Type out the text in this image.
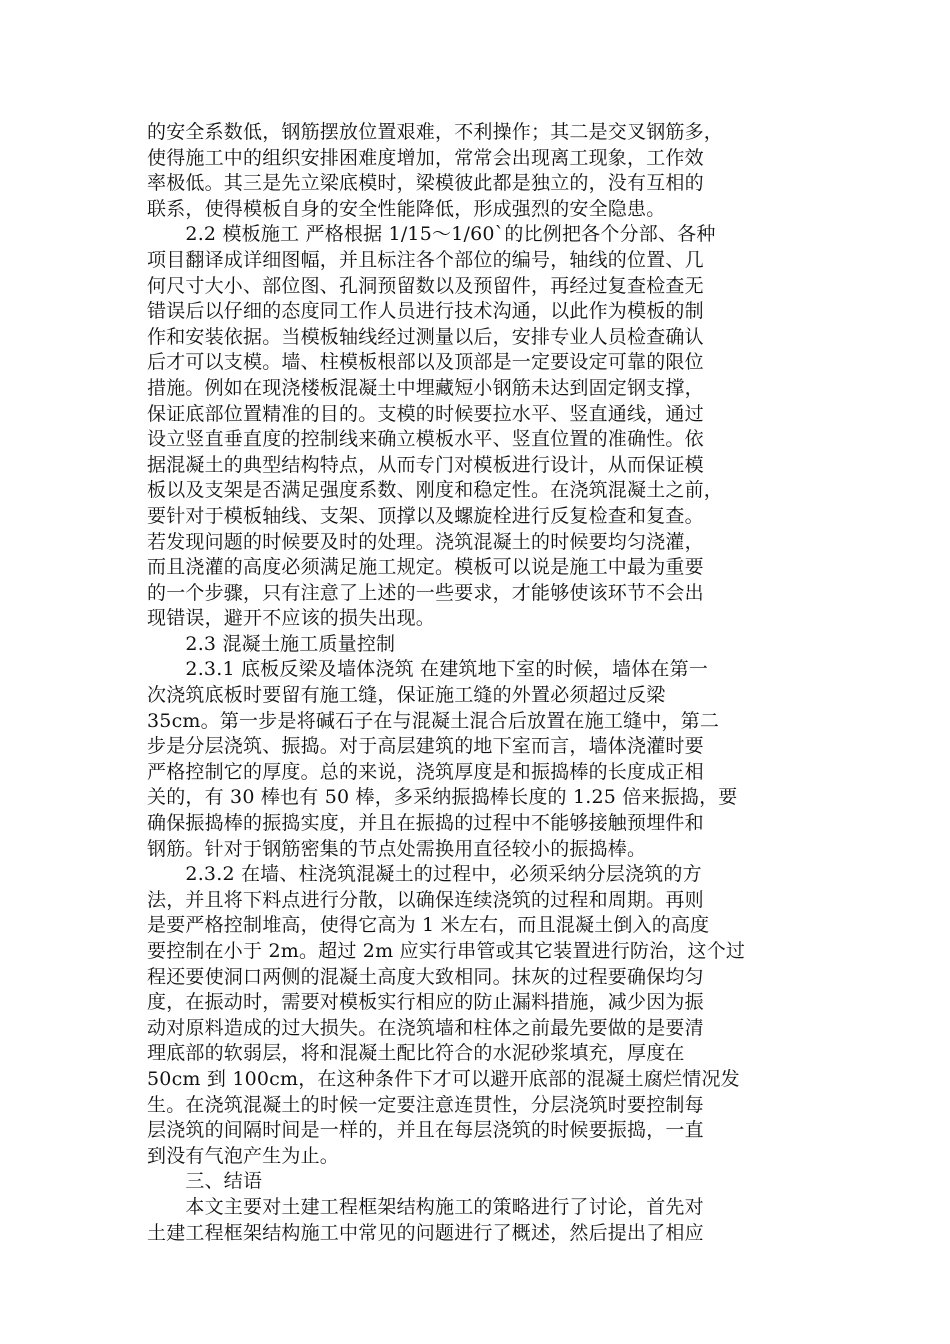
的安全系数低，钢筋摆放位置艰难，不利操作；其二是交叉钢筋多，
使得施工中的组织安排困难度增加，常常会出现离工现象，工作效
率极低。其三是先立梁底模时，梁模彼此都是独立的，没有互相的
联系，使得模板自身的安全性能降低，形成强烈的安全隐患。
　　2.2 模板施工 严格根据 1/15～1/60`的比例把各个分部、各种
项目翻译成详细图幅，并且标注各个部位的编号，轴线的位置、几
何尺寸大小、部位图、孔洞预留数以及预留件，再经过复查检查无
错误后以仔细的态度同工作人员进行技术沟通，以此作为模板的制
作和安装依据。当模板轴线经过测量以后，安排专业人员检查确认
后才可以支模。墙、柱模板根部以及顶部是一定要设定可靠的限位
措施。例如在现浇楼板混凝土中埋藏短小钢筋未达到固定钢支撑，
保证底部位置精准的目的。支模的时候要拉水平、竖直通线，通过
设立竖直垂直度的控制线来确立模板水平、竖直位置的准确性。依
据混凝土的典型结构特点，从而专门对模板进行设计，从而保证模
板以及支架是否满足强度系数、刚度和稳定性。在浇筑混凝土之前，
要针对于模板轴线、支架、顶撑以及螺旋栓进行反复检查和复查。
若发现问题的时候要及时的处理。浇筑混凝土的时候要均匀浇灌，
而且浇灌的高度必须满足施工规定。模板可以说是施工中最为重要
的一个步骤，只有注意了上述的一些要求，才能够使该环节不会出
现错误，避开不应该的损失出现。
　　2.3 混凝土施工质量控制
　　2.3.1 底板反梁及墙体浇筑 在建筑地下室的时候，墙体在第一
次浇筑底板时要留有施工缝，保证施工缝的外置必须超过反梁
35cm。第一步是将碱石子在与混凝土混合后放置在施工缝中，第二
步是分层浇筑、振捣。对于高层建筑的地下室而言，墙体浇灌时要
严格控制它的厚度。总的来说，浇筑厚度是和振捣棒的长度成正相
关的，有 30 棒也有 50 棒，多采纳振捣棒长度的 1.25 倍来振捣，要
确保振捣棒的振捣实度，并且在振捣的过程中不能够接触预埋件和
钢筋。针对于钢筋密集的节点处需换用直径较小的振捣棒。
　　2.3.2 在墙、柱浇筑混凝土的过程中，必须采纳分层浇筑的方
法，并且将下料点进行分散，以确保连续浇筑的过程和周期。再则
是要严格控制堆高，使得它高为 1 米左右，而且混凝土倒入的高度
要控制在小于 2m。超过 2m 应实行串管或其它装置进行防治，这个过
程还要使洞口两侧的混凝土高度大致相同。抹灰的过程要确保均匀
度，在振动时，需要对模板实行相应的防止漏料措施，减少因为振
动对原料造成的过大损失。在浇筑墙和柱体之前最先要做的是要清
理底部的软弱层，将和混凝土配比符合的水泥砂浆填充，厚度在
50cm 到 100cm，在这种条件下才可以避开底部的混凝土腐烂情况发
生。在浇筑混凝土的时候一定要注意连贯性，分层浇筑时要控制每
层浇筑的间隔时间是一样的，并且在每层浇筑的时候要振捣，一直
到没有气泡产生为止。
　　三、结语
　　本文主要对土建工程框架结构施工的策略进行了讨论，首先对
土建工程框架结构施工中常见的问题进行了概述，然后提出了相应
